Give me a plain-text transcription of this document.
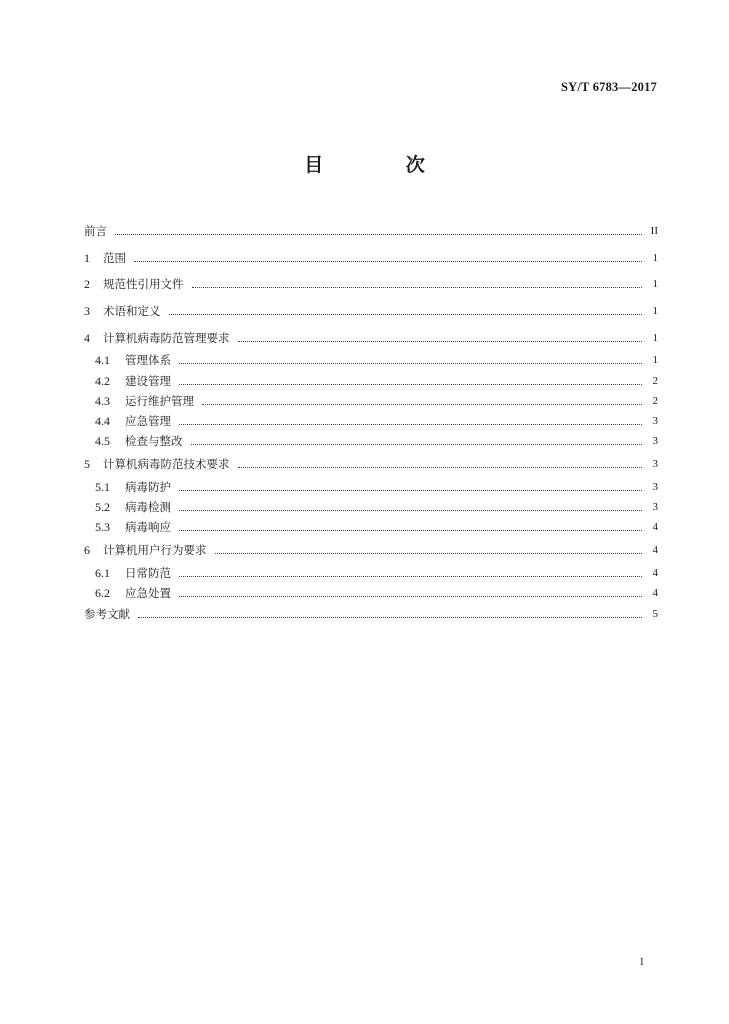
SY/T 6783—2017
目 次
前言	II
1	范围	1
2	规范性引用文件	1
3	术语和定义	1
4	计算机病毒防范管理要求	1
4.1	管理体系	1
4.2	建设管理	2
4.3	运行维护管理	2
4.4	应急管理	3
4.5	检查与整改	3
5	计算机病毒防范技术要求	3
5.1	病毒防护	3
5.2	病毒检测	3
5.3	病毒响应	4
6	计算机用户行为要求	4
6.1	日常防范	4
6.2	应急处置	4
参考文献	5
I
